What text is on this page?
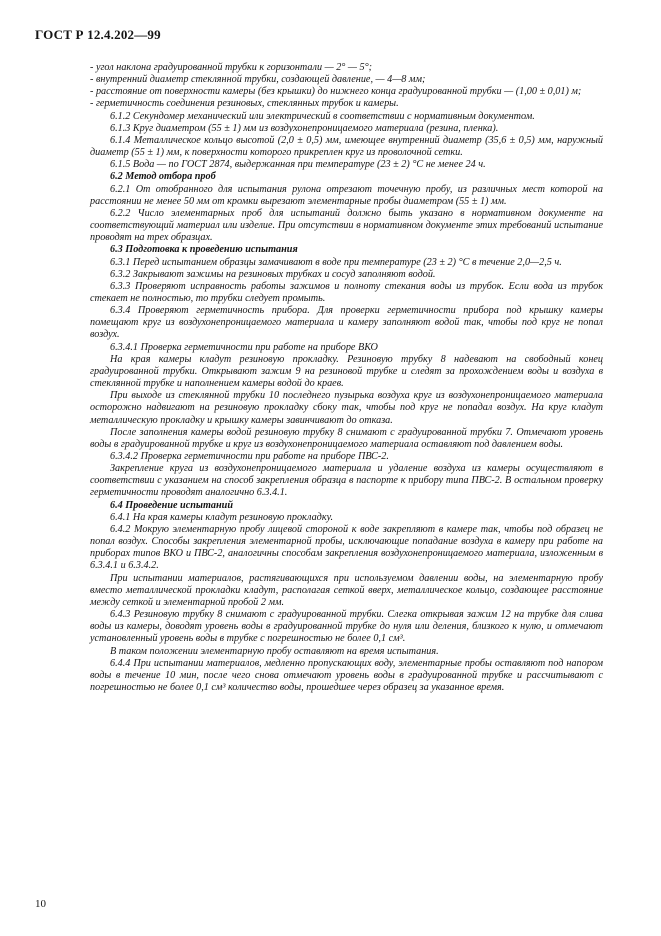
ГОСТ Р 12.4.202—99

- угол наклона градуированной трубки к горизонтали — 2° — 5°;

- внутренний диаметр стеклянной трубки, создающей давление, — 4—8 мм;

- расстояние от поверхности камеры (без крышки) до нижнего конца градуированной трубки — (1,00 ± 0,01) м;

- герметичность соединения резиновых, стеклянных трубок и камеры.

6.1.2 Секундомер механический или электрический в соответствии с нормативным документом.

6.1.3 Круг диаметром (55 ± 1) мм из воздухонепроницаемого материала (резина, пленка).

6.1.4 Металлическое кольцо высотой (2,0 ± 0,5) мм, имеющее внутренний диаметр (35,6 ± 0,5) мм, наружный диаметр (55 ± 1) мм, к поверхности которого прикреплен круг из проволочной сетки.

6.1.5 Вода — по ГОСТ 2874, выдержанная при температуре (23 ± 2) °С не менее 24 ч.

6.2 Метод отбора проб

6.2.1 От отобранного для испытания рулона отрезают точечную пробу, из различных мест которой на расстоянии не менее 50 мм от кромки вырезают элементарные пробы диаметром (55 ± 1) мм.

6.2.2 Число элементарных проб для испытаний должно быть указано в нормативном документе на соответствующий материал или изделие. При отсутствии в нормативном документе этих требований испытание проводят на трех образцах.

6.3 Подготовка к проведению испытания

6.3.1 Перед испытанием образцы замачивают в воде при температуре (23 ± 2) °С в течение 2,0—2,5 ч.

6.3.2 Закрывают зажимы на резиновых трубках и сосуд заполняют водой.

6.3.3 Проверяют исправность работы зажимов и полноту стекания воды из трубок. Если вода из трубок стекает не полностью, то трубки следует промыть.

6.3.4 Проверяют герметичность прибора. Для проверки герметичности прибора под крышку камеры помещают круг из воздухонепроницаемого материала и камеру заполняют водой так, чтобы под круг не попал воздух.

6.3.4.1 Проверка герметичности при работе на приборе ВКО

На края камеры кладут резиновую прокладку. Резиновую трубку 8 надевают на свободный конец градуированной трубки. Открывают зажим 9 на резиновой трубке и следят за прохождением воды и воздуха в стеклянной трубке и наполнением камеры водой до краев.

При выходе из стеклянной трубки 10 последнего пузырька воздуха круг из воздухонепроницаемого материала осторожно надвигают на резиновую прокладку сбоку так, чтобы под круг не попадал воздух. На круг кладут металлическую прокладку и крышку камеры завинчивают до отказа.

После заполнения камеры водой резиновую трубку 8 снимают с градуированной трубки 7. Отмечают уровень воды в градуированной трубке и круг из воздухонепроницаемого материала оставляют под давлением воды.

6.3.4.2 Проверка герметичности при работе на приборе ПВС-2.

Закрепление круга из воздухонепроницаемого материала и удаление воздуха из камеры осуществляют в соответствии с указанием на способ закрепления образца в паспорте к прибору типа ПВС-2. В остальном проверку герметичности проводят аналогично 6.3.4.1.

6.4 Проведение испытаний

6.4.1 На края камеры кладут резиновую прокладку.

6.4.2 Мокрую элементарную пробу лицевой стороной к воде закрепляют в камере так, чтобы под образец не попал воздух. Способы закрепления элементарной пробы, исключающие попадание воздуха в камеру при работе на приборах типов ВКО и ПВС-2, аналогичны способам закрепления воздухонепроницаемого материала, изложенным в 6.3.4.1 и 6.3.4.2.

При испытании материалов, растягивающихся при используемом давлении воды, на элементарную пробу вместо металлической прокладки кладут, располагая сеткой вверх, металлическое кольцо, создающее расстояние между сеткой и элементарной пробой 2 мм.

6.4.3 Резиновую трубку 8 снимают с градуированной трубки. Слегка открывая зажим 12 на трубке для слива воды из камеры, доводят уровень воды в градуированной трубке до нуля или деления, близкого к нулю, и отмечают установленный уровень воды в трубке с погрешностью не более 0,1 см³.

В таком положении элементарную пробу оставляют на время испытания.

6.4.4 При испытании материалов, медленно пропускающих воду, элементарные пробы оставляют под напором воды в течение 10 мин, после чего снова отмечают уровень воды в градуированной трубке и рассчитывают с погрешностью не более 0,1 см³ количество воды, прошедшее через образец за указанное время.

10
